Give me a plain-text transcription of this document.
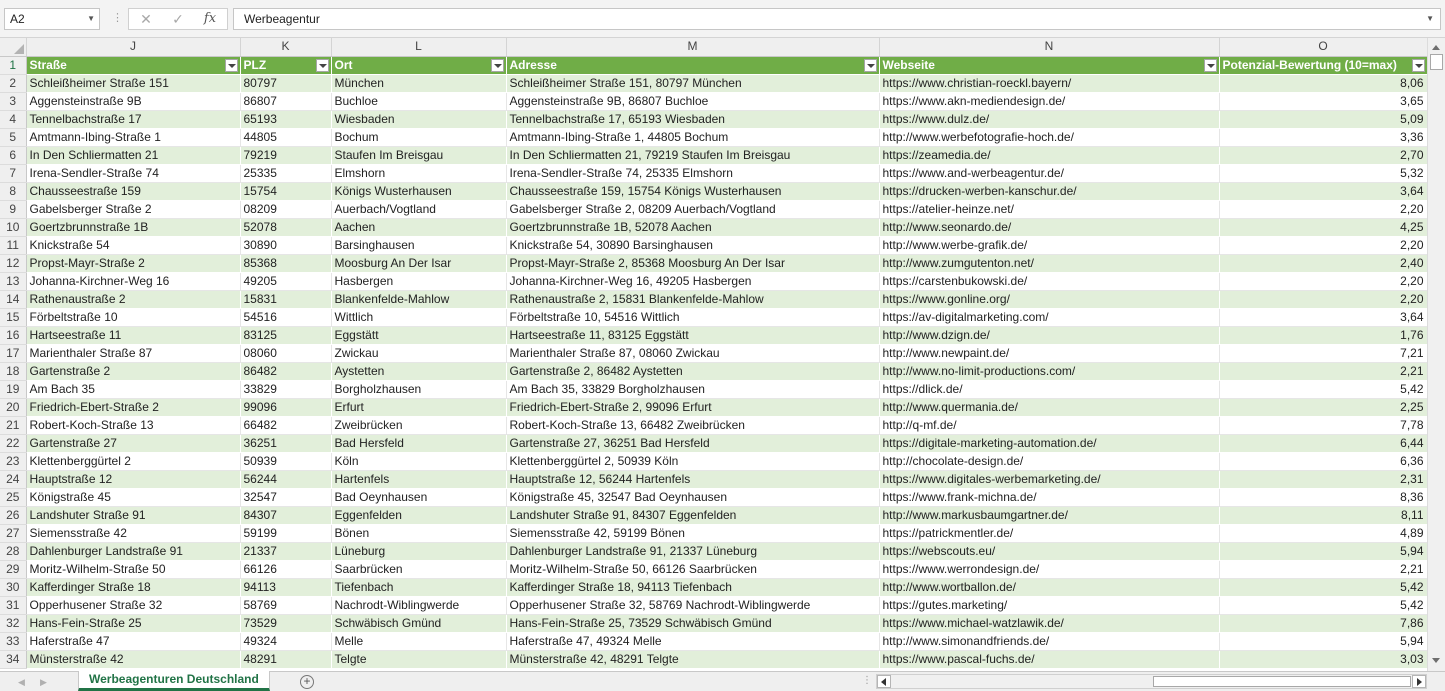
A2	▼ ⋮	✕	✓	fx	Werbeagentur	▼
	J	K	L	M	N	O
1	Straße	PLZ	Ort	Adresse	Webseite	Potenzial-Bewertung (10=max)

2	Schleißheimer Straße 151	80797	München	Schleißheimer Straße 151, 80797 München	https://www.christian-roeckl.bayern/	8,06
3	Aggensteinstraße 9B	86807	Buchloe	Aggensteinstraße 9B, 86807 Buchloe	https://www.akn-mediendesign.de/	3,65
4	Tennelbachstraße 17	65193	Wiesbaden	Tennelbachstraße 17, 65193 Wiesbaden	https://www.dulz.de/	5,09
5	Amtmann-Ibing-Straße 1	44805	Bochum	Amtmann-Ibing-Straße 1, 44805 Bochum	http://www.werbefotografie-hoch.de/	3,36
6	In Den Schliermatten 21	79219	Staufen Im Breisgau	In Den Schliermatten 21, 79219 Staufen Im Breisgau	https://zeamedia.de/	2,70
7	Irena-Sendler-Straße 74	25335	Elmshorn	Irena-Sendler-Straße 74, 25335 Elmshorn	https://www.and-werbeagentur.de/	5,32
8	Chausseestraße 159	15754	Königs Wusterhausen	Chausseestraße 159, 15754 Königs Wusterhausen	https://drucken-werben-kanschur.de/	3,64
9	Gabelsberger Straße 2	08209	Auerbach/Vogtland	Gabelsberger Straße 2, 08209 Auerbach/Vogtland	https://atelier-heinze.net/	2,20
10	Goertzbrunnstraße 1B	52078	Aachen	Goertzbrunnstraße 1B, 52078 Aachen	http://www.seonardo.de/	4,25
11	Knickstraße 54	30890	Barsinghausen	Knickstraße 54, 30890 Barsinghausen	http://www.werbe-grafik.de/	2,20
12	Propst-Mayr-Straße 2	85368	Moosburg An Der Isar	Propst-Mayr-Straße 2, 85368 Moosburg An Der Isar	http://www.zumgutenton.net/	2,40
13	Johanna-Kirchner-Weg 16	49205	Hasbergen	Johanna-Kirchner-Weg 16, 49205 Hasbergen	https://carstenbukowski.de/	2,20
14	Rathenaustraße 2	15831	Blankenfelde-Mahlow	Rathenaustraße 2, 15831 Blankenfelde-Mahlow	https://www.gonline.org/	2,20
15	Förbeltstraße 10	54516	Wittlich	Förbeltstraße 10, 54516 Wittlich	https://av-digitalmarketing.com/	3,64
16	Hartseestraße 11	83125	Eggstätt	Hartseestraße 11, 83125 Eggstätt	http://www.dzign.de/	1,76
17	Marienthaler Straße 87	08060	Zwickau	Marienthaler Straße 87, 08060 Zwickau	http://www.newpaint.de/	7,21
18	Gartenstraße 2	86482	Aystetten	Gartenstraße 2, 86482 Aystetten	http://www.no-limit-productions.com/	2,21
19	Am Bach 35	33829	Borgholzhausen	Am Bach 35, 33829 Borgholzhausen	https://dlick.de/	5,42
20	Friedrich-Ebert-Straße 2	99096	Erfurt	Friedrich-Ebert-Straße 2, 99096 Erfurt	http://www.quermania.de/	2,25
21	Robert-Koch-Straße 13	66482	Zweibrücken	Robert-Koch-Straße 13, 66482 Zweibrücken	http://q-mf.de/	7,78
22	Gartenstraße 27	36251	Bad Hersfeld	Gartenstraße 27, 36251 Bad Hersfeld	https://digitale-marketing-automation.de/	6,44
23	Klettenberggürtel 2	50939	Köln	Klettenberggürtel 2, 50939 Köln	http://chocolate-design.de/	6,36
24	Hauptstraße 12	56244	Hartenfels	Hauptstraße 12, 56244 Hartenfels	https://www.digitales-werbemarketing.de/	2,31
25	Königstraße 45	32547	Bad Oeynhausen	Königstraße 45, 32547 Bad Oeynhausen	https://www.frank-michna.de/	8,36
26	Landshuter Straße 91	84307	Eggenfelden	Landshuter Straße 91, 84307 Eggenfelden	http://www.markusbaumgartner.de/	8,11
27	Siemensstraße 42	59199	Bönen	Siemensstraße 42, 59199 Bönen	https://patrickmentler.de/	4,89
28	Dahlenburger Landstraße 91	21337	Lüneburg	Dahlenburger Landstraße 91, 21337 Lüneburg	https://webscouts.eu/	5,94
29	Moritz-Wilhelm-Straße 50	66126	Saarbrücken	Moritz-Wilhelm-Straße 50, 66126 Saarbrücken	https://www.werrondesign.de/	2,21
30	Kafferdinger Straße 18	94113	Tiefenbach	Kafferdinger Straße 18, 94113 Tiefenbach	http://www.wortballon.de/	5,42
31	Opperhusener Straße 32	58769	Nachrodt-Wiblingwerde	Opperhusener Straße 32, 58769 Nachrodt-Wiblingwerde	https://gutes.marketing/	5,42
32	Hans-Fein-Straße 25	73529	Schwäbisch Gmünd	Hans-Fein-Straße 25, 73529 Schwäbisch Gmünd	https://www.michael-watzlawik.de/	7,86
33	Haferstraße 47	49324	Melle	Haferstraße 47, 49324 Melle	http://www.simonandfriends.de/	5,94
34	Münsterstraße 42	48291	Telgte	Münsterstraße 42, 48291 Telgte	https://www.pascal-fuchs.de/	3,03
◀	▶	Werbeagenturen Deutschland	+	⋮
